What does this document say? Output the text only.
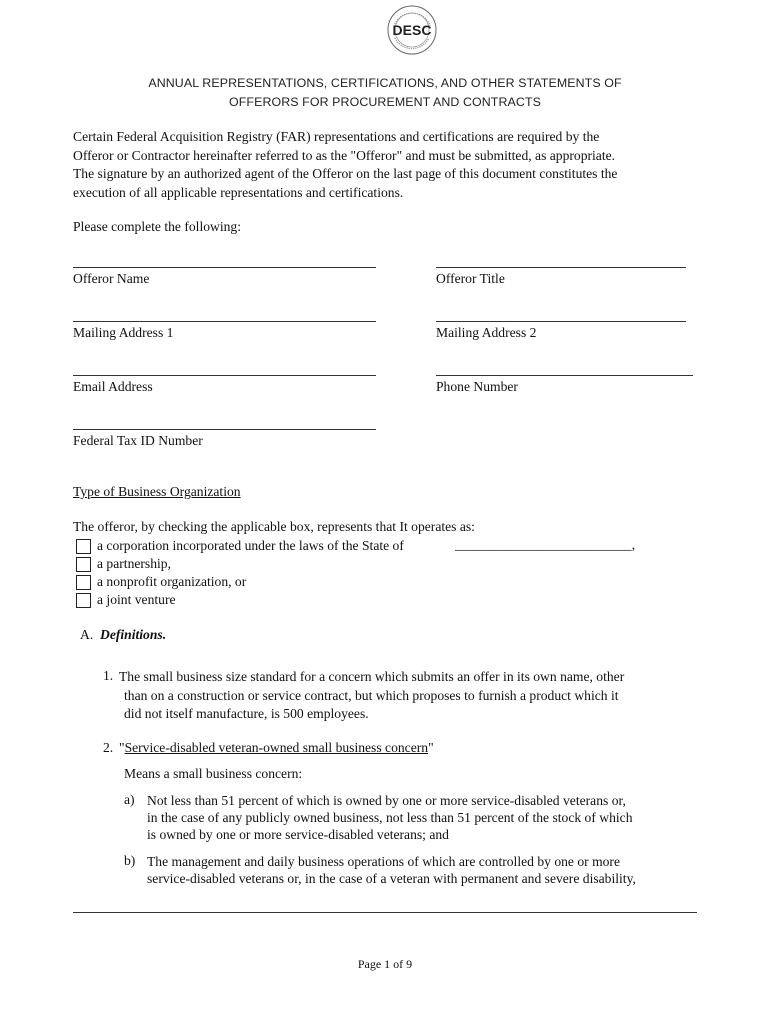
DESC
ANNUAL REPRESENTATIONS, CERTIFICATIONS, AND OTHER STATEMENTS OF
OFFERORS FOR PROCUREMENT AND CONTRACTS
Certain Federal Acquisition Registry (FAR) representations and certifications are required by the
Offeror or Contractor hereinafter referred to as the "Offeror" and must be submitted, as appropriate.
The signature by an authorized agent of the Offeror on the last page of this document constitutes the
execution of all applicable representations and certifications.
Please complete the following:
Offeror Name	Offeror Title
Mailing Address 1	Mailing Address 2
Email Address	Phone Number
Federal Tax ID Number
Type of Business Organization
The offeror, by checking the applicable box, represents that It operates as:
a corporation incorporated under the laws of the State of	__________________________,
a partnership,
a nonprofit organization, or
a joint venture
A. Definitions.
1. The small business size standard for a concern which submits an offer in its own name, other
than on a construction or service contract, but which proposes to furnish a product which it
did not itself manufacture, is 500 employees.
2. "Service-disabled veteran-owned small business concern"
Means a small business concern:
a) Not less than 51 percent of which is owned by one or more service-disabled veterans or,
in the case of any publicly owned business, not less than 51 percent of the stock of which
is owned by one or more service-disabled veterans; and
b) The management and daily business operations of which are controlled by one or more
service-disabled veterans or, in the case of a veteran with permanent and severe disability,
Page 1 of 9
